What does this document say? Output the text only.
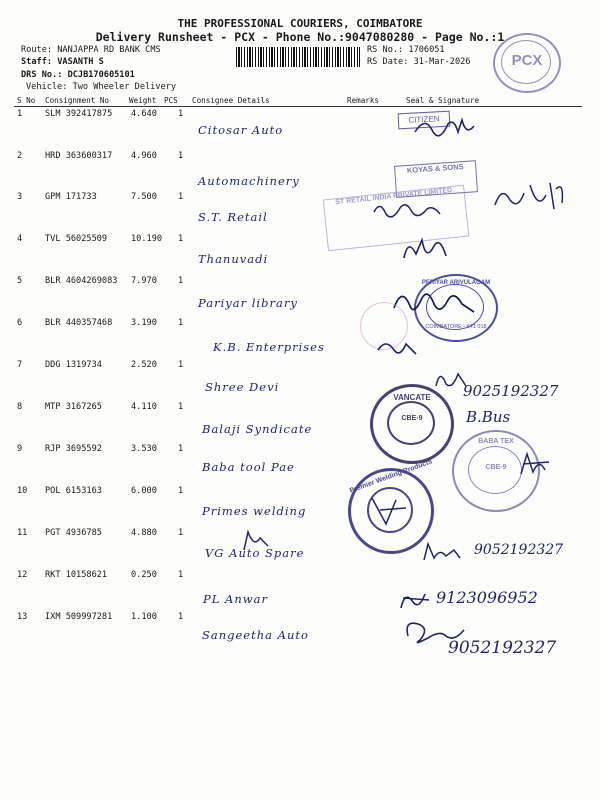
THE PROFESSIONAL COURIERS, COIMBATORE
Delivery Runsheet - PCX - Phone No.:9047080280 - Page No.:1
Route: NANJAPPA RD BANK CMS
Staff: VASANTH S
DRS No.: DCJB170605101
Vehicle: Two Wheeler Delivery
RS No.: 1706051
RS Date: 31-Mar-2026	PCX
S No Consignment No	Weight PCS Consignee Details	Remarks	Seal & Signature
1	SLM 392417875 4.640 1
Citosar Auto
2	HRD 363600317 4.960 1
Automachinery
3	GPM 171733	7.500 1
S.T. Retail
4	TVL 56025509	10.190 1
Thanuvadi
5	BLR 4604269083 7.970 1
Pariyar library
6	BLR 440357468 3.190 1
K.B. Enterprises
7	DDG 1319734	2.520 1
Shree Devi
8	MTP 3167265	4.110 1
Balaji Syndicate
9	RJP 3695592	3.530 1
Baba tool Pae
10 POL 6153163	6.000 1
Primes welding
11 PGT 4936785	4.880 1
VG Auto Spare
12 RKT 10158621	0.250 1
PL Anwar
13 IXM 509997281 1.100 1
Sangeetha Auto
CITIZEN
KOYAS & SONS
ST RETAIL INDIA PRIVATE LIMITED
PERIYAR ARIVULAGAM
COIMBATORE - 641 018
9025192327
VANCATE
CBE-9	B.Bus
BABA TEX
CBE-9
Premier Welding Products
9052192327
9123096952
9052192327
